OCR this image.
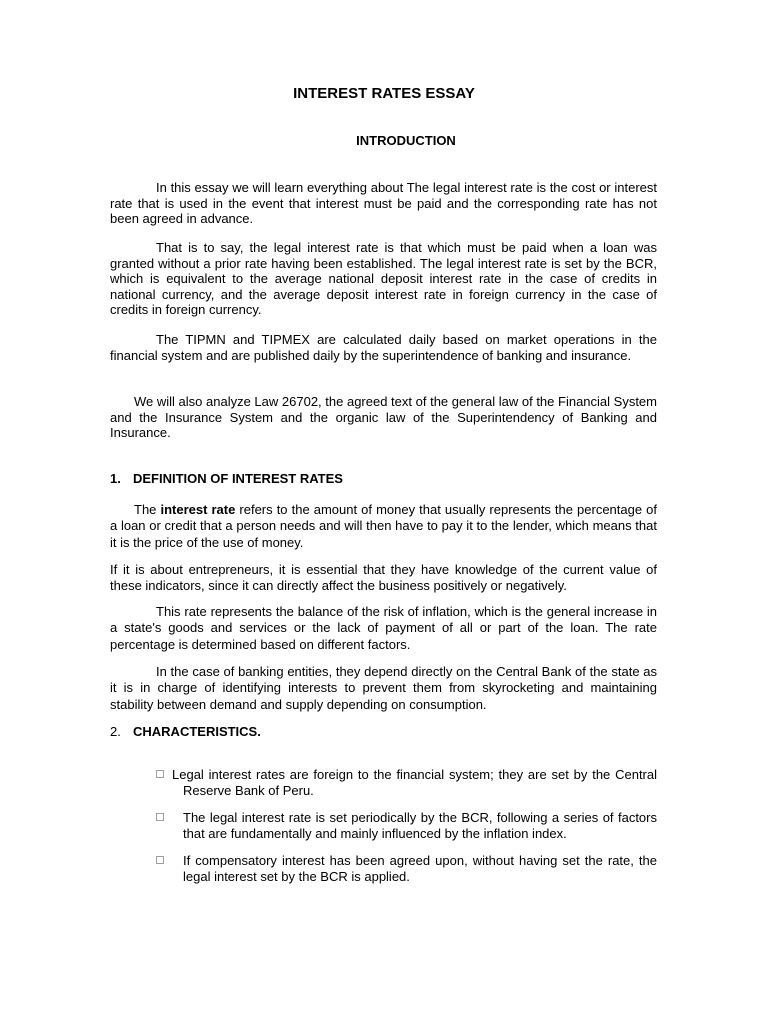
INTEREST RATES ESSAY
INTRODUCTION

In this essay we will learn everything about The legal interest rate is the cost or interest rate that is used in the event that interest must be paid and the corresponding rate has not been agreed in advance.

That is to say, the legal interest rate is that which must be paid when a loan was granted without a prior rate having been established. The legal interest rate is set by the BCR, which is equivalent to the average national deposit interest rate in the case of credits in national currency, and the average deposit interest rate in foreign currency in the case of credits in foreign currency.

The TIPMN and TIPMEX are calculated daily based on market operations in the financial system and are published daily by the superintendence of banking and insurance.

We will also analyze Law 26702, the agreed text of the general law of the Financial System and the Insurance System and the organic law of the Superintendency of Banking and Insurance.

1. DEFINITION OF INTEREST RATES

The interest rate refers to the amount of money that usually represents the percentage of a loan or credit that a person needs and will then have to pay it to the lender, which means that it is the price of the use of money.

If it is about entrepreneurs, it is essential that they have knowledge of the current value of these indicators, since it can directly affect the business positively or negatively.

This rate represents the balance of the risk of inflation, which is the general increase in a state's goods and services or the lack of payment of all or part of the loan. The rate percentage is determined based on different factors.

In the case of banking entities, they depend directly on the Central Bank of the state as it is in charge of identifying interests to prevent them from skyrocketing and maintaining stability between demand and supply depending on consumption.

2. CHARACTERISTICS.

Legal interest rates are foreign to the financial system; they are set by the Central Reserve Bank of Peru.

The legal interest rate is set periodically by the BCR, following a series of factors that are fundamentally and mainly influenced by the inflation index.

If compensatory interest has been agreed upon, without having set the rate, the legal interest set by the BCR is applied.
